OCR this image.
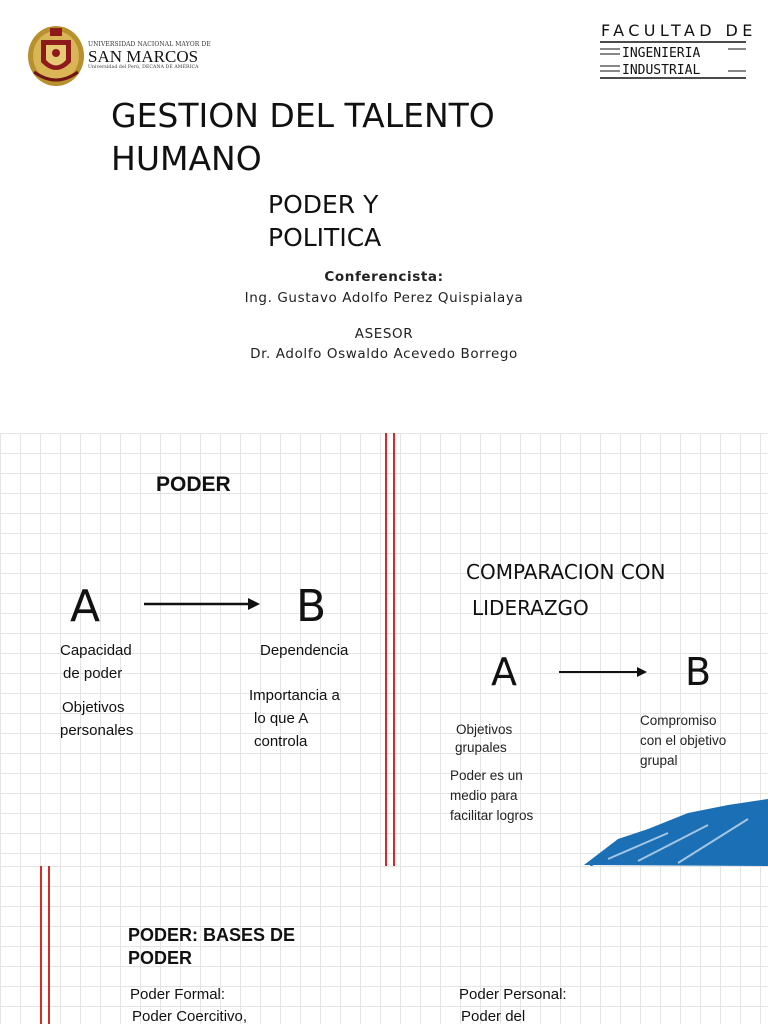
UNIVERSIDAD NACIONAL MAYOR DE
SAN MARCOS
Universidad del Perú, DECANA DE AMÉRICA
FACULTAD DE
INGENIERIA
INDUSTRIAL
GESTION DEL TALENTO
HUMANO
PODER Y
POLITICA
Conferencista:
Ing. Gustavo Adolfo Perez Quispialaya
ASESOR
Dr. Adolfo Oswaldo Acevedo Borrego
PODER
A	B
Capacidad
de poder
Objetivos
personales
Dependencia
Importancia a
lo que A
controla
COMPARACION CON
LIDERAZGO
A	B
Objetivos
grupales
Poder es un
medio para
facilitar logros
Compromiso
con el objetivo
grupal
PODER: BASES DE
PODER
Poder Formal:
Poder Coercitivo,
Poder Personal:
Poder del
